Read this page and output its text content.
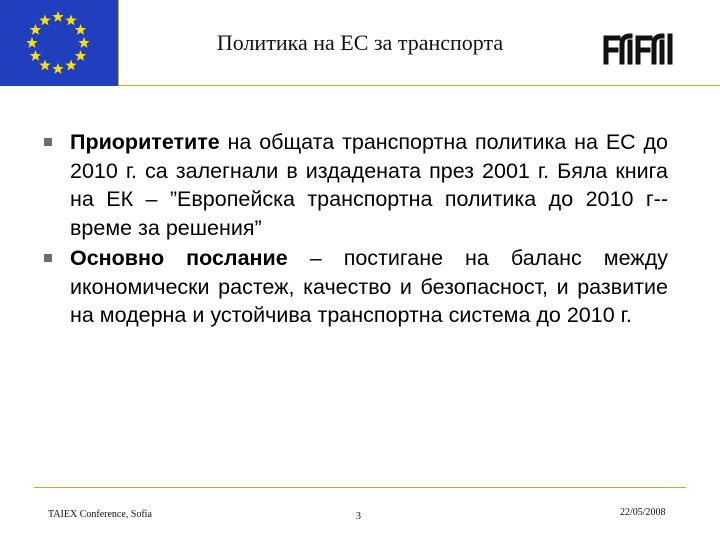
Политика на ЕС за транспорта
Приоритетите на общата транспортна политика на ЕС до 2010 г. са залегнали в издадената през 2001 г. Бяла книга на ЕК – ”Европейска транспортна политика до 2010 г-- време за решения”
Основно послание – постигане на баланс между икономически растеж, качество и безопасност, и развитие на модерна и устойчива транспортна система до 2010 г.
TAIEX Conference, Sofia	3	22/05/2008
